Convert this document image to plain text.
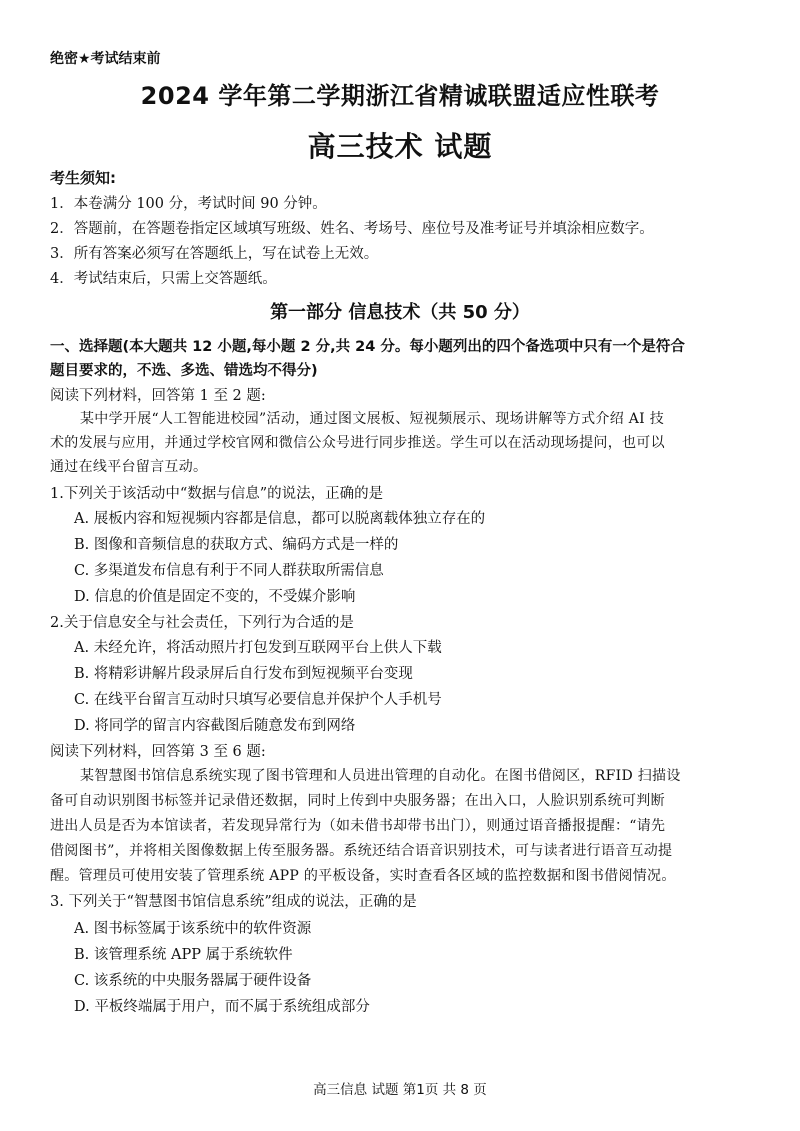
绝密★考试结束前
2024 学年第二学期浙江省精诚联盟适应性联考
高三技术 试题
考生须知:
1．本卷满分 100 分，考试时间 90 分钟。
2．答题前，在答题卷指定区域填写班级、姓名、考场号、座位号及准考证号并填涂相应数字。
3．所有答案必须写在答题纸上，写在试卷上无效。
4．考试结束后，只需上交答题纸。
第一部分 信息技术（共 50 分）
一、选择题(本大题共 12 小题,每小题 2 分,共 24 分。每小题列出的四个备选项中只有一个是符合
题目要求的，不选、多选、错选均不得分)
阅读下列材料，回答第 1 至 2 题:
某中学开展“人工智能进校园”活动，通过图文展板、短视频展示、现场讲解等方式介绍 AI 技
术的发展与应用，并通过学校官网和微信公众号进行同步推送。学生可以在活动现场提问，也可以
通过在线平台留言互动。
1.下列关于该活动中“数据与信息”的说法，正确的是
A. 展板内容和短视频内容都是信息，都可以脱离载体独立存在的
B. 图像和音频信息的获取方式、编码方式是一样的
C. 多渠道发布信息有利于不同人群获取所需信息
D. 信息的价值是固定不变的，不受媒介影响
2.关于信息安全与社会责任，下列行为合适的是
A. 未经允许，将活动照片打包发到互联网平台上供人下载
B. 将精彩讲解片段录屏后自行发布到短视频平台变现
C. 在线平台留言互动时只填写必要信息并保护个人手机号
D. 将同学的留言内容截图后随意发布到网络
阅读下列材料，回答第 3 至 6 题:
某智慧图书馆信息系统实现了图书管理和人员进出管理的自动化。在图书借阅区，RFID 扫描设
备可自动识别图书标签并记录借还数据，同时上传到中央服务器；在出入口，人脸识别系统可判断
进出人员是否为本馆读者，若发现异常行为（如未借书却带书出门），则通过语音播报提醒：“请先
借阅图书”，并将相关图像数据上传至服务器。系统还结合语音识别技术，可与读者进行语音互动提
醒。管理员可使用安装了管理系统 APP 的平板设备，实时查看各区域的监控数据和图书借阅情况。
3. 下列关于“智慧图书馆信息系统”组成的说法，正确的是
A. 图书标签属于该系统中的软件资源
B. 该管理系统 APP 属于系统软件
C. 该系统的中央服务器属于硬件设备
D. 平板终端属于用户，而不属于系统组成部分
高三信息 试题 第1页 共 8 页
